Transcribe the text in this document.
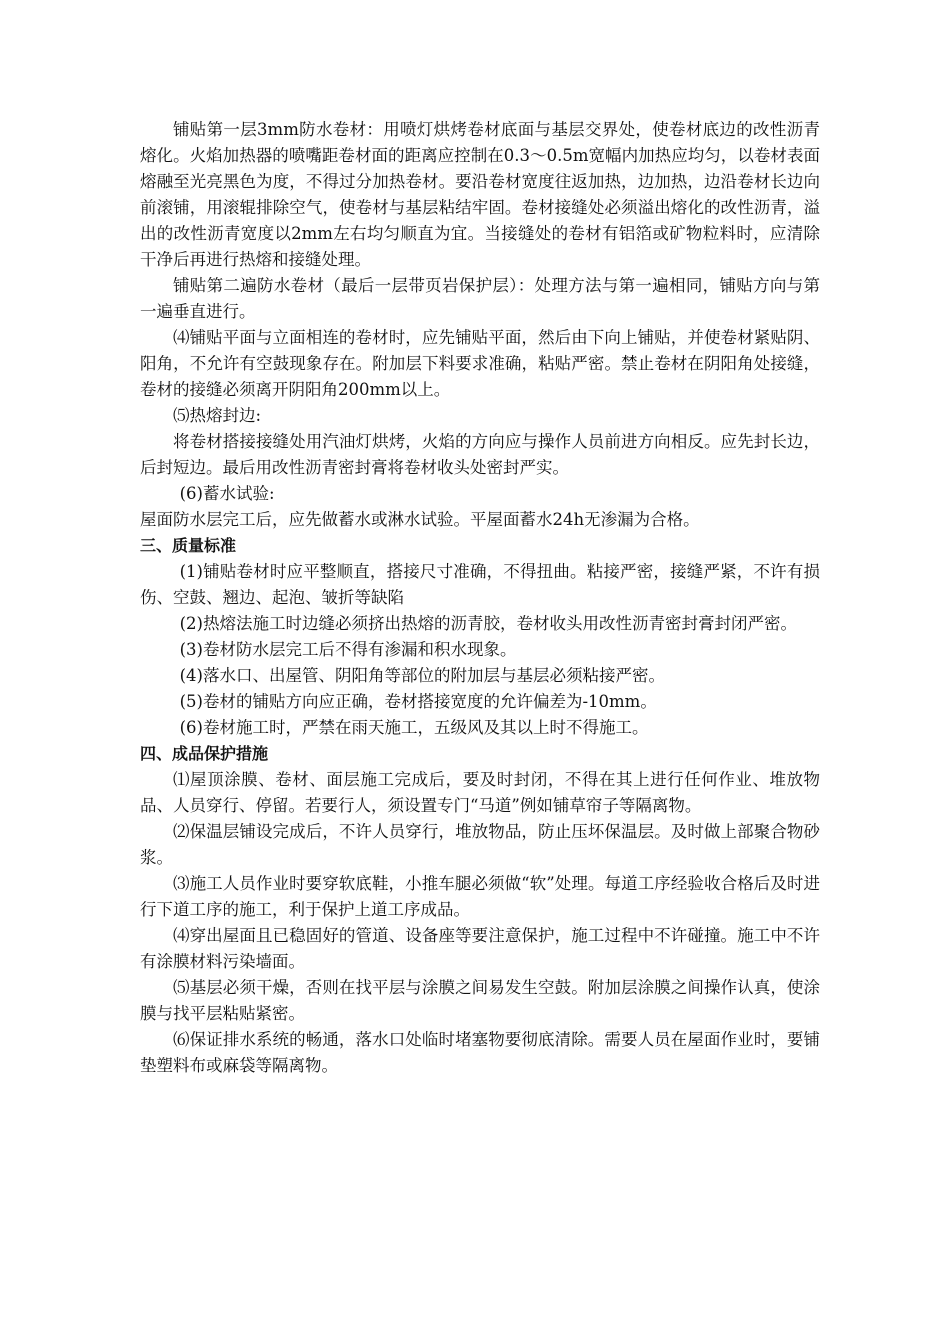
铺贴第一层3mm防水卷材：用喷灯烘烤卷材底面与基层交界处，使卷材底边的改性沥青熔化。火焰加热器的喷嘴距卷材面的距离应控制在0.3～0.5m宽幅内加热应均匀，以卷材表面熔融至光亮黑色为度，不得过分加热卷材。要沿卷材宽度往返加热，边加热，边沿卷材长边向前滚铺，用滚辊排除空气，使卷材与基层粘结牢固。卷材接缝处必须溢出熔化的改性沥青，溢出的改性沥青宽度以2mm左右均匀顺直为宜。当接缝处的卷材有铝箔或矿物粒料时，应清除干净后再进行热熔和接缝处理。

铺贴第二遍防水卷材（最后一层带页岩保护层）：处理方法与第一遍相同，铺贴方向与第一遍垂直进行。

⑷铺贴平面与立面相连的卷材时，应先铺贴平面，然后由下向上铺贴，并使卷材紧贴阴、阳角，不允许有空鼓现象存在。附加层下料要求准确，粘贴严密。禁止卷材在阴阳角处接缝，卷材的接缝必须离开阴阳角200mm以上。

⑸热熔封边:

将卷材搭接接缝处用汽油灯烘烤，火焰的方向应与操作人员前进方向相反。应先封长边，后封短边。最后用改性沥青密封膏将卷材收头处密封严实。

(6)蓄水试验:

屋面防水层完工后，应先做蓄水或淋水试验。平屋面蓄水24h无渗漏为合格。

三、质量标准

(1)铺贴卷材时应平整顺直，搭接尺寸准确，不得扭曲。粘接严密，接缝严紧，不许有损伤、空鼓、翘边、起泡、皱折等缺陷

(2)热熔法施工时边缝必须挤出热熔的沥青胶，卷材收头用改性沥青密封膏封闭严密。

(3)卷材防水层完工后不得有渗漏和积水现象。

(4)落水口、出屋管、阴阳角等部位的附加层与基层必须粘接严密。

(5)卷材的铺贴方向应正确，卷材搭接宽度的允许偏差为-10mm。

(6)卷材施工时，严禁在雨天施工，五级风及其以上时不得施工。

四、成品保护措施

⑴屋顶涂膜、卷材、面层施工完成后，要及时封闭，不得在其上进行任何作业、堆放物品、人员穿行、停留。若要行人，须设置专门“马道”例如铺草帘子等隔离物。

⑵保温层铺设完成后，不许人员穿行，堆放物品，防止压坏保温层。及时做上部聚合物砂浆。

⑶施工人员作业时要穿软底鞋，小推车腿必须做“软”处理。每道工序经验收合格后及时进行下道工序的施工，利于保护上道工序成品。

⑷穿出屋面且已稳固好的管道、设备座等要注意保护，施工过程中不许碰撞。施工中不许有涂膜材料污染墙面。

⑸基层必须干燥，否则在找平层与涂膜之间易发生空鼓。附加层涂膜之间操作认真，使涂膜与找平层粘贴紧密。

⑹保证排水系统的畅通，落水口处临时堵塞物要彻底清除。需要人员在屋面作业时，要铺垫塑料布或麻袋等隔离物。
